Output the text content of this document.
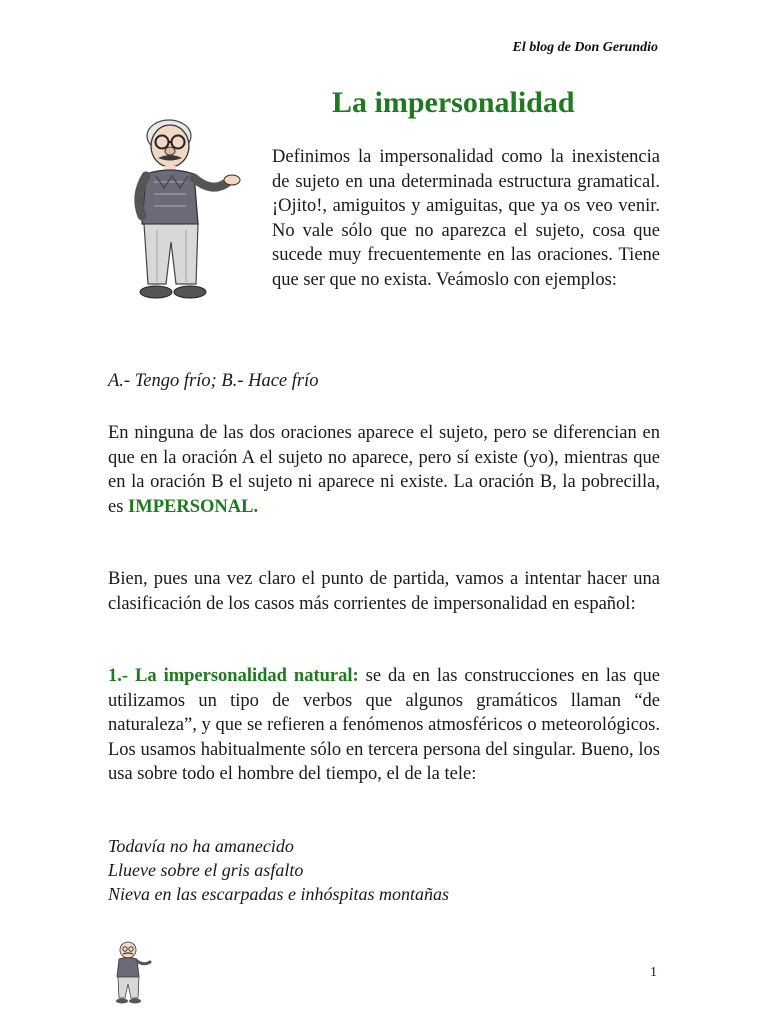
El blog de Don Gerundio
La impersonalidad

Definimos la impersonalidad como la inexistencia de sujeto en una determinada estructura gramatical. ¡Ojito!, amiguitos y amiguitas, que ya os veo venir. No vale sólo que no aparezca el sujeto, cosa que sucede muy frecuentemente en las oraciones. Tiene que ser que no exista. Veámoslo con ejemplos:

A.- Tengo frío; B.- Hace frío

En ninguna de las dos oraciones aparece el sujeto, pero se diferencian en que en la oración A el sujeto no aparece, pero sí existe (yo), mientras que en la oración B el sujeto ni aparece ni existe. La oración B, la pobrecilla, es IMPERSONAL.

Bien, pues una vez claro el punto de partida, vamos a intentar hacer una clasificación de los casos más corrientes de impersonalidad en español:

1.- La impersonalidad natural: se da en las construcciones en las que utilizamos un tipo de verbos que algunos gramáticos llaman “de naturaleza”, y que se refieren a fenómenos atmosféricos o meteorológicos. Los usamos habitualmente sólo en tercera persona del singular. Bueno, los usa sobre todo el hombre del tiempo, el de la tele:

Todavía no ha amanecido
Llueve sobre el gris asfalto
Nieva en las escarpadas e inhóspitas montañas
1
